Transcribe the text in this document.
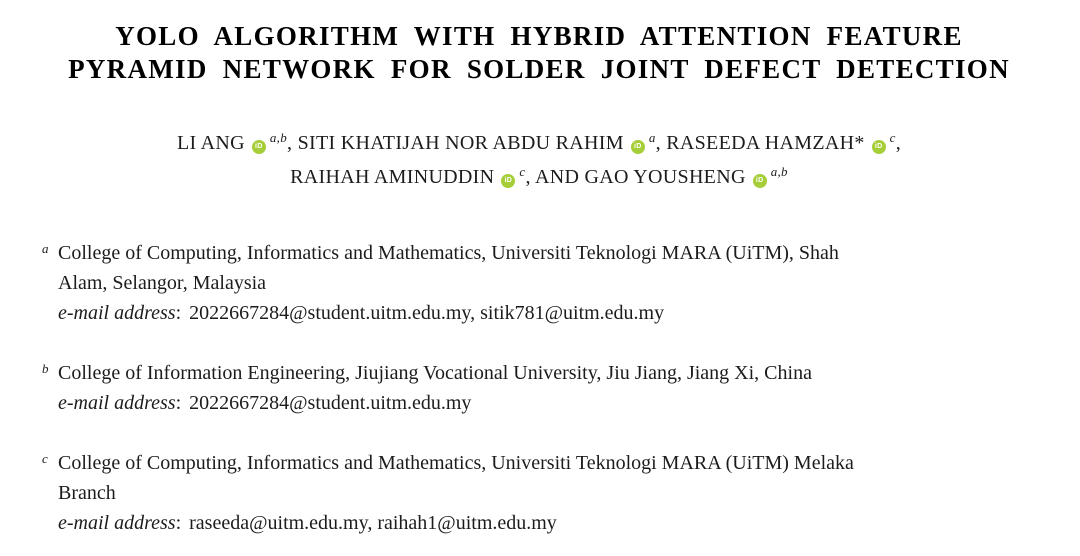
YOLO ALGORITHM WITH HYBRID ATTENTION FEATURE
PYRAMID NETWORK FOR SOLDER JOINT DEFECT DETECTION
LI ANG iD$^{a,b}$, SITI KHATIJAH NOR ABDU RAHIM $iD^a$, RASEEDA HAMZAH* $iD^c$,
RAIHAH AMINUDDIN $iD^c$, AND GAO YOUSHENG iD$^{a,b}$
a College of Computing, Informatics and Mathematics, Universiti Teknologi MARA (UiTM), Shah
Alam, Selangor, Malaysia
e-mail address: 2022667284@student.uitm.edu.my, sitik781@uitm.edu.my
b College of Information Engineering, Jiujiang Vocational University, Jiu Jiang, Jiang Xi, China
e-mail address: 2022667284@student.uitm.edu.my
c College of Computing, Informatics and Mathematics, Universiti Teknologi MARA (UiTM) Melaka
Branch
e-mail address: raseeda@uitm.edu.my, raihah1@uitm.edu.my
